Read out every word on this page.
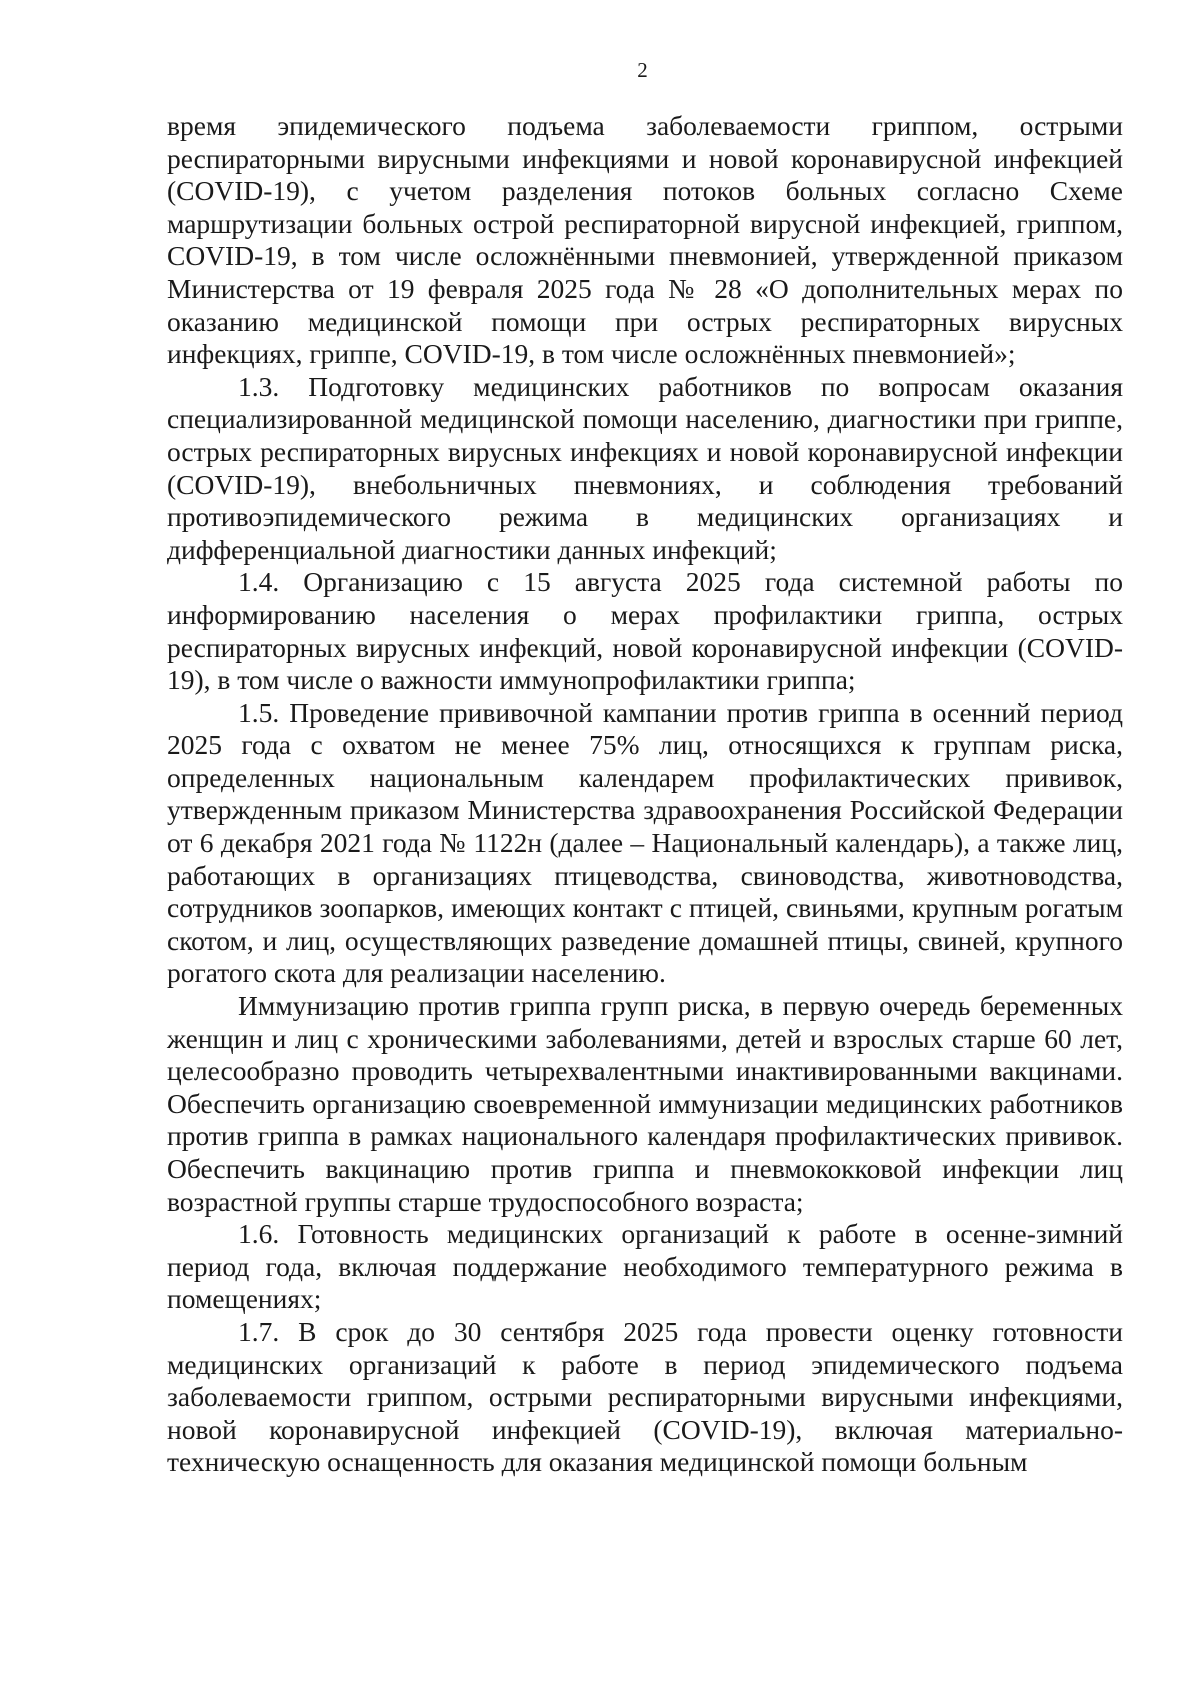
2

время эпидемического подъема заболеваемости гриппом, острыми респираторными вирусными инфекциями и новой коронавирусной инфекцией (COVID-19), с учетом разделения потоков больных согласно Схеме маршрутизации больных острой респираторной вирусной инфекцией, гриппом, COVID-19, в том числе осложнёнными пневмонией, утвержденной приказом Министерства от 19 февраля 2025 года № 28 «О дополнительных мерах по оказанию медицинской помощи при острых респираторных вирусных инфекциях, гриппе, COVID-19, в том числе осложнённых пневмонией»;

1.3. Подготовку медицинских работников по вопросам оказания специализированной медицинской помощи населению, диагностики при гриппе, острых респираторных вирусных инфекциях и новой коронавирусной инфекции (COVID-19), внебольничных пневмониях, и соблюдения требований противоэпидемического режима в медицинских организациях и дифференциальной диагностики данных инфекций;

1.4. Организацию с 15 августа 2025 года системной работы по информированию населения о мерах профилактики гриппа, острых респираторных вирусных инфекций, новой коронавирусной инфекции (COVID-19), в том числе о важности иммунопрофилактики гриппа;

1.5. Проведение прививочной кампании против гриппа в осенний период 2025 года с охватом не менее 75% лиц, относящихся к группам риска, определенных национальным календарем профилактических прививок, утвержденным приказом Министерства здравоохранения Российской Федерации от 6 декабря 2021 года № 1122н (далее – Национальный календарь), а также лиц, работающих в организациях птицеводства, свиноводства, животноводства, сотрудников зоопарков, имеющих контакт с птицей, свиньями, крупным рогатым скотом, и лиц, осуществляющих разведение домашней птицы, свиней, крупного рогатого скота для реализации населению.

Иммунизацию против гриппа групп риска, в первую очередь беременных женщин и лиц с хроническими заболеваниями, детей и взрослых старше 60 лет, целесообразно проводить четырехвалентными инактивированными вакцинами. Обеспечить организацию своевременной иммунизации медицинских работников против гриппа в рамках национального календаря профилактических прививок. Обеспечить вакцинацию против гриппа и пневмококковой инфекции лиц возрастной группы старше трудоспособного возраста;

1.6. Готовность медицинских организаций к работе в осенне-зимний период года, включая поддержание необходимого температурного режима в помещениях;

1.7. В срок до 30 сентября 2025 года провести оценку готовности медицинских организаций к работе в период эпидемического подъема заболеваемости гриппом, острыми респираторными вирусными инфекциями, новой коронавирусной инфекцией (COVID-19), включая материально-техническую оснащенность для оказания медицинской помощи больным
